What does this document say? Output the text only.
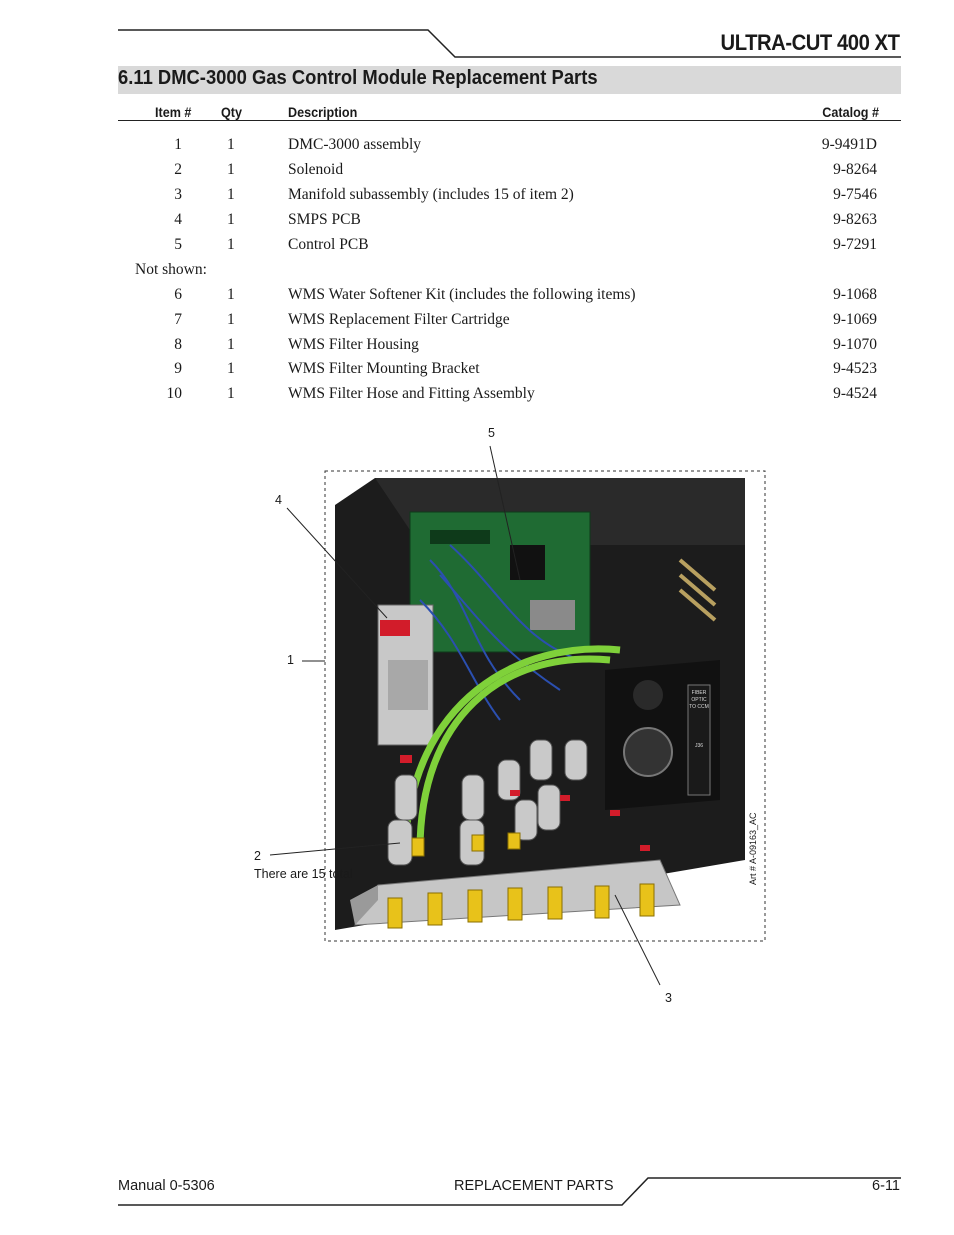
ULTRA-CUT 400 XT
6.11 DMC-3000 Gas Control Module Replacement Parts
Item # Qty	Description	Catalog #
1	1	DMC-3000 assembly	9-9491D
2	1	Solenoid	9-8264
3	1	Manifold subassembly (includes 15 of item 2)	9-7546
4	1	SMPS PCB	9-8263
5	1	Control PCB	9-7291
Not shown:
6	1	WMS Water Softener Kit (includes the following items)	9-1068
7	1	WMS Replacement Filter Cartridge	9-1069
8	1	WMS Filter Housing	9-1070
9	1	WMS Filter Mounting Bracket	9-4523
10	1	WMS Filter Hose and Fitting Assembly	9-4524
FIBER
OPTIC
TO CCM
J36
5
4
1
2
There are 15 total
3
Art # A-09163_AC
Manual 0-5306	REPLACEMENT PARTS	6-11
